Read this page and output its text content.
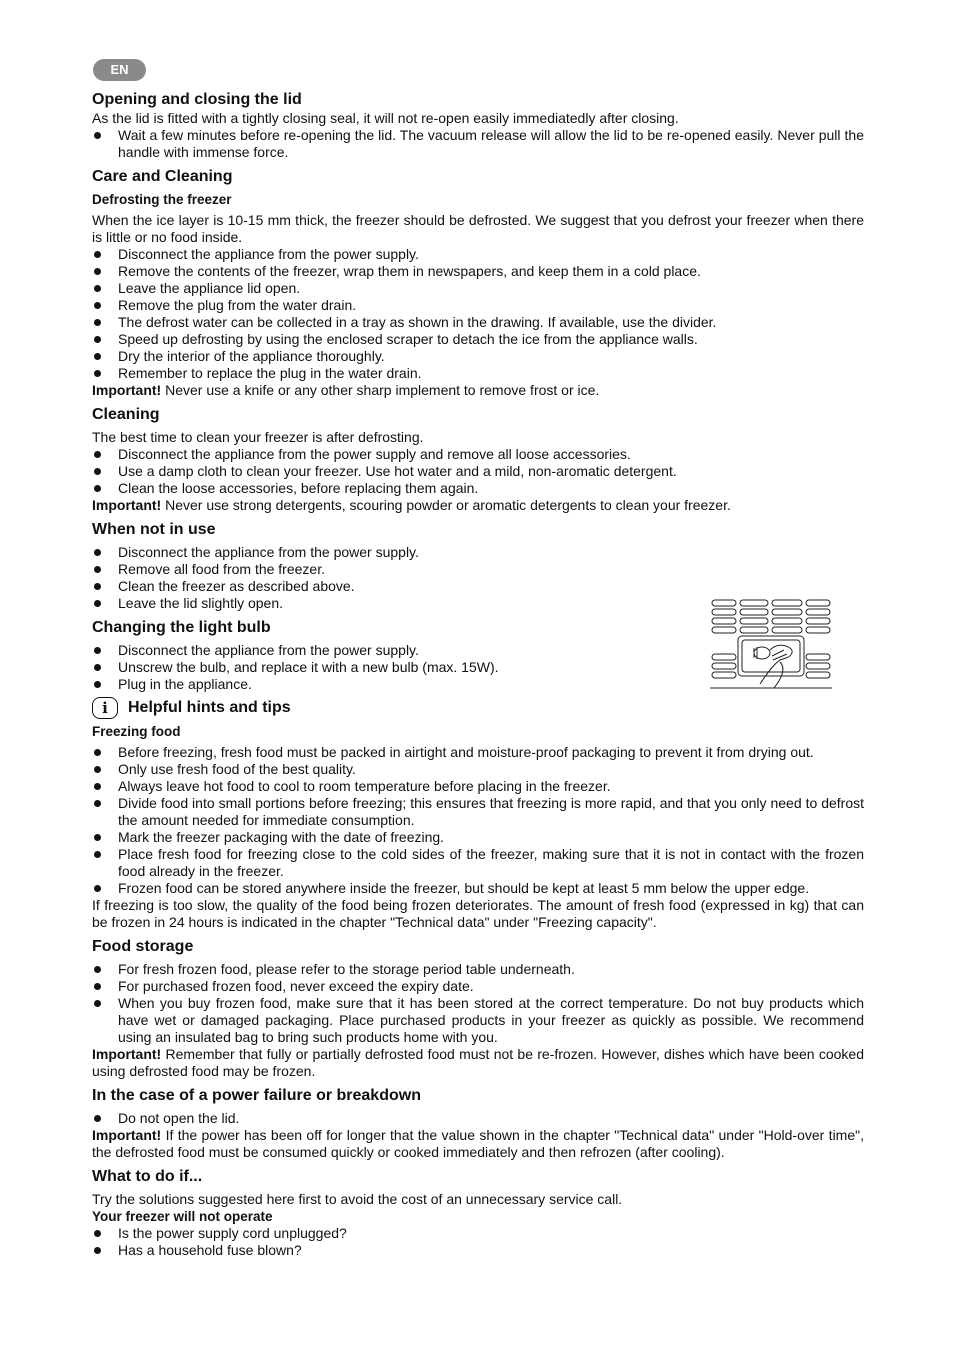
EN
Opening and closing the lid

As the lid is fitted with a tightly closing seal, it will not re-open easily immediatedly after closing.

Wait a few minutes before re-opening the lid. The vacuum release will allow the lid to be re-opened easily. Never pull the handle with immense force.
Care and Cleaning
Defrosting the freezer

When the ice layer is 10-15 mm thick, the freezer should be defrosted. We suggest that you defrost your freezer when there is little or no food inside.

Disconnect the appliance from the power supply.
Remove the contents of the freezer, wrap them in newspapers, and keep them in a cold place.
Leave the appliance lid open.
Remove the plug from the water drain.
The defrost water can be collected in a tray as shown in the drawing. If available, use the divider.
Speed up defrosting by using the enclosed scraper to detach the ice from the appliance walls.
Dry the interior of the appliance thoroughly.
Remember to replace the plug in the water drain.

Important! Never use a knife or any other sharp implement to remove frost or ice.

Cleaning

The best time to clean your freezer is after defrosting.

Disconnect the appliance from the power supply and remove all loose accessories.
Use a damp cloth to clean your freezer. Use hot water and a mild, non-aromatic detergent.
Clean the loose accessories, before replacing them again.

Important! Never use strong detergents, scouring powder or aromatic detergents to clean your freezer.

When not in use
Disconnect the appliance from the power supply.
Remove all food from the freezer.
Clean the freezer as described above.
Leave the lid slightly open.
Changing the light bulb
Disconnect the appliance from the power supply.
Unscrew the bulb, and replace it with a new bulb (max. 15W).
Plug in the appliance.
i	Helpful hints and tips
Freezing food
Before freezing, fresh food must be packed in airtight and moisture-proof packaging to prevent it from drying out.
Only use fresh food of the best quality.
Always leave hot food to cool to room temperature before placing in the freezer.
Divide food into small portions before freezing; this ensures that freezing is more rapid, and that you only need to defrost the amount needed for immediate consumption.
Mark the freezer packaging with the date of freezing.
Place fresh food for freezing close to the cold sides of the freezer, making sure that it is not in contact with the frozen food already in the freezer.
Frozen food can be stored anywhere inside the freezer, but should be kept at least 5 mm below the upper edge.

If freezing is too slow, the quality of the food being frozen deteriorates. The amount of fresh food (expressed in kg) that can be frozen in 24 hours is indicated in the chapter "Technical data" under "Freezing capacity".

Food storage
For fresh frozen food, please refer to the storage period table underneath.
For purchased frozen food, never exceed the expiry date.
When you buy frozen food, make sure that it has been stored at the correct temperature. Do not buy products which have wet or damaged packaging. Place purchased products in your freezer as quickly as possible. We recommend using an insulated bag to bring such products home with you.

Important! Remember that fully or partially defrosted food must not be re-frozen. However, dishes which have been cooked using defrosted food may be frozen.

In the case of a power failure or breakdown
Do not open the lid.

Important! If the power has been off for longer that the value shown in the chapter "Technical data" under "Hold-over time", the defrosted food must be consumed quickly or cooked immediately and then refrozen (after cooling).

What to do if...

Try the solutions suggested here first to avoid the cost of an unnecessary service call.

Your freezer will not operate
Is the power supply cord unplugged?
Has a household fuse blown?
